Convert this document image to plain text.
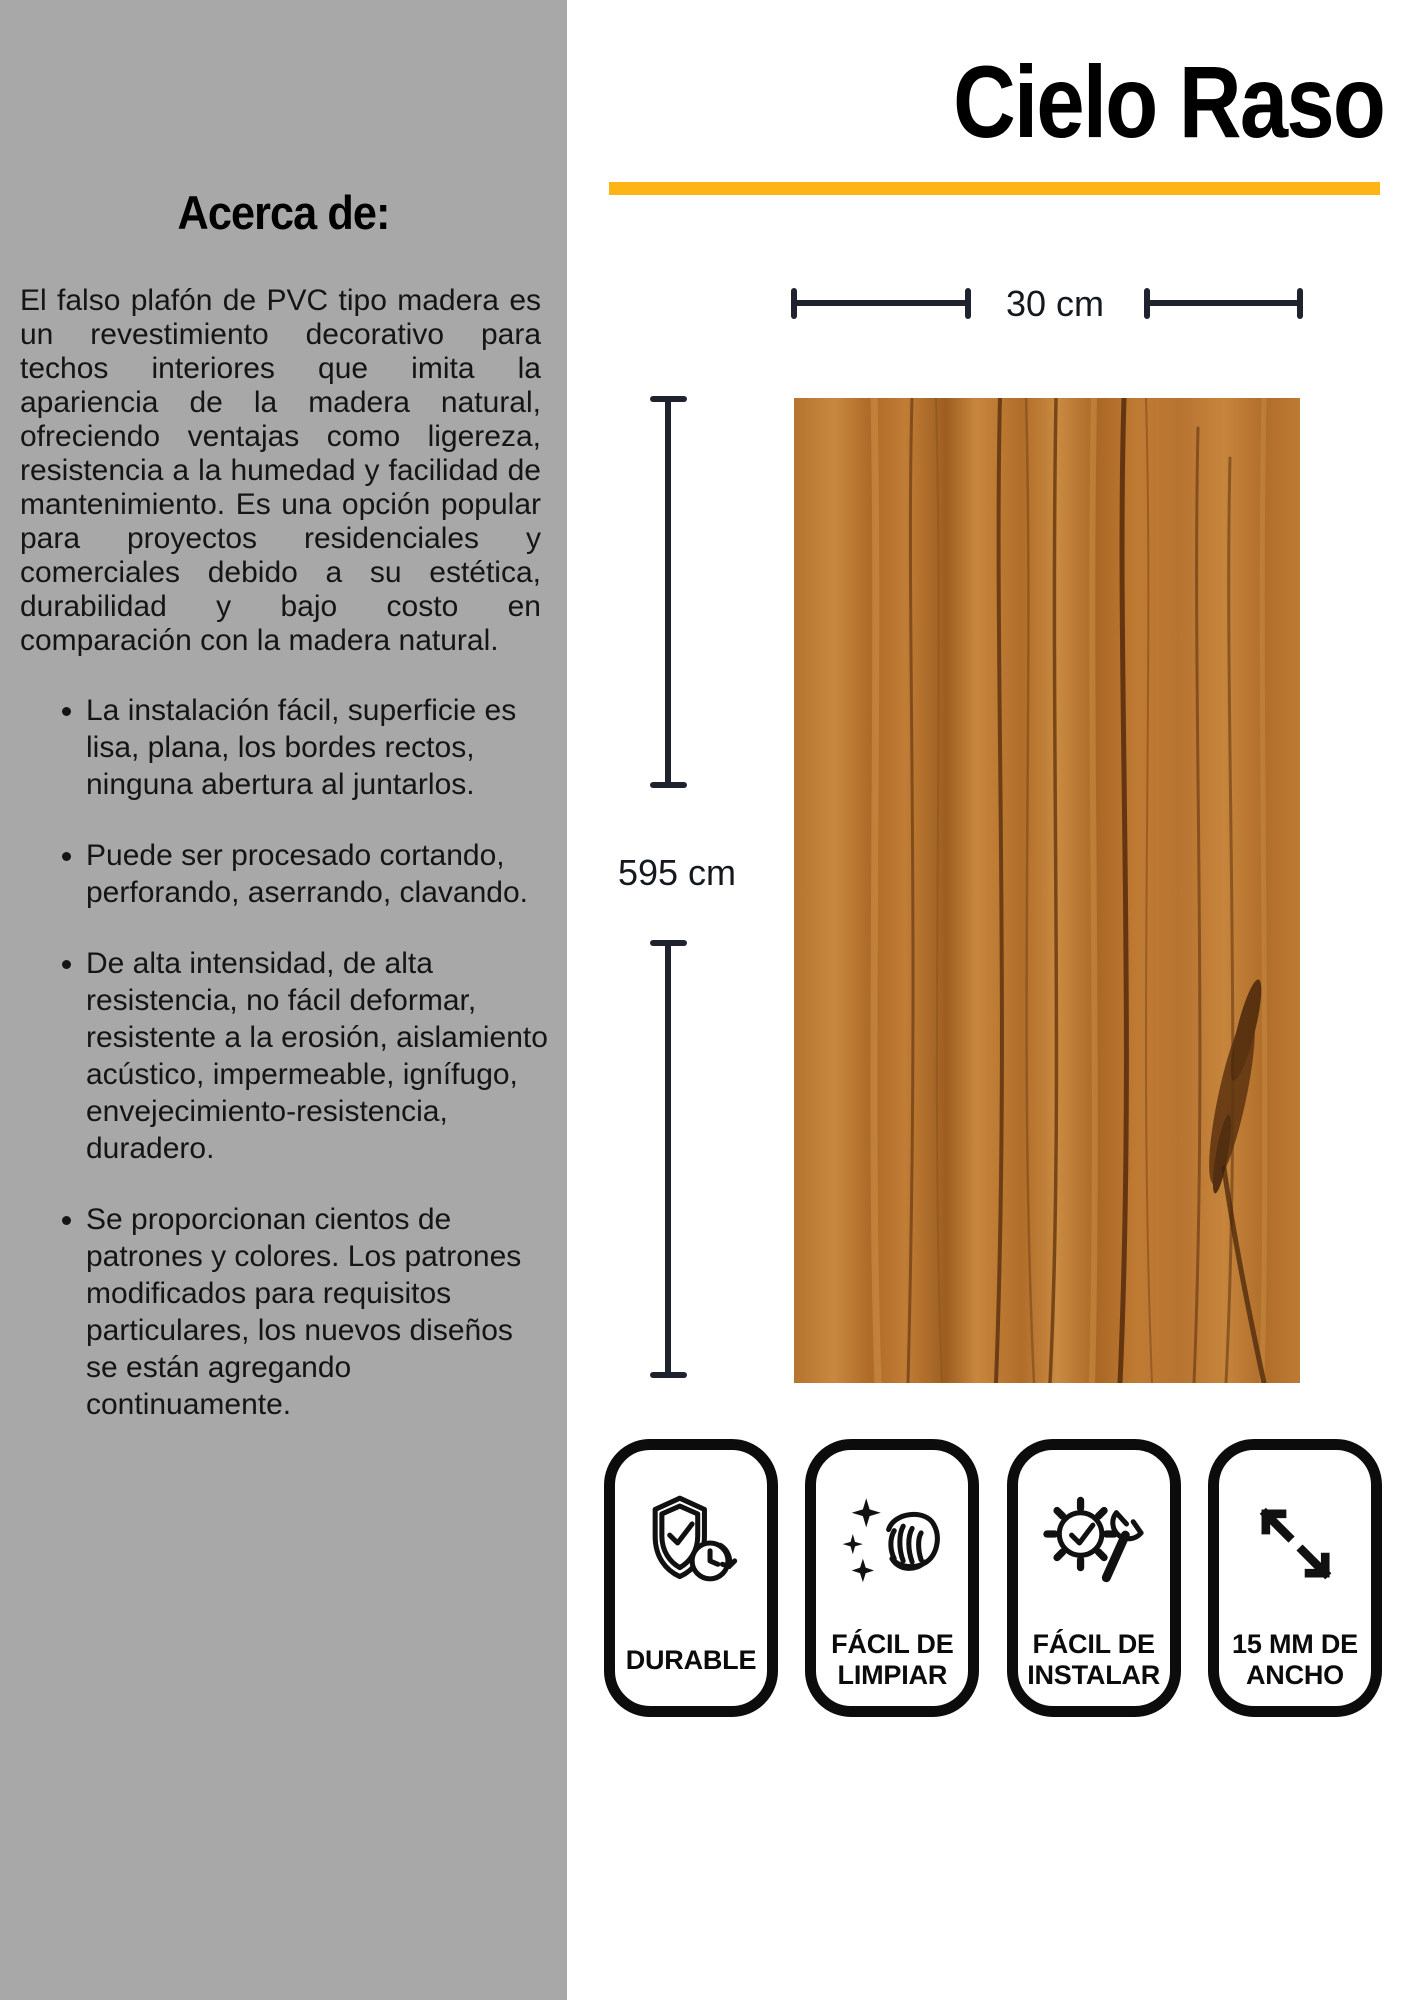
Acerca de:

El falso plafón de PVC tipo madera es un revestimiento decorativo para techos interiores que imita la apariencia de la madera natural, ofreciendo ventajas como ligereza, resistencia a la humedad y facilidad de mantenimiento. Es una opción popular para proyectos residenciales y comerciales debido a su estética, durabilidad y bajo costo en comparación con la madera natural.

• La instalación fácil, superficie es lisa, plana, los bordes rectos, ninguna abertura al juntarlos.
• Puede ser procesado cortando, perforando, aserrando, clavando.
• De alta intensidad, de alta resistencia, no fácil deformar, resistente a la erosión, aislamiento acústico, impermeable, ignífugo, envejecimiento-resistencia, duradero.
• Se proporcionan cientos de patrones y colores. Los patrones modificados para requisitos particulares, los nuevos diseños se están agregando continuamente.
Cielo Raso
30 cm
595 cm
DURABLE
FÁCIL DE LIMPIAR
FÁCIL DE INSTALAR
15 MM DE ANCHO
